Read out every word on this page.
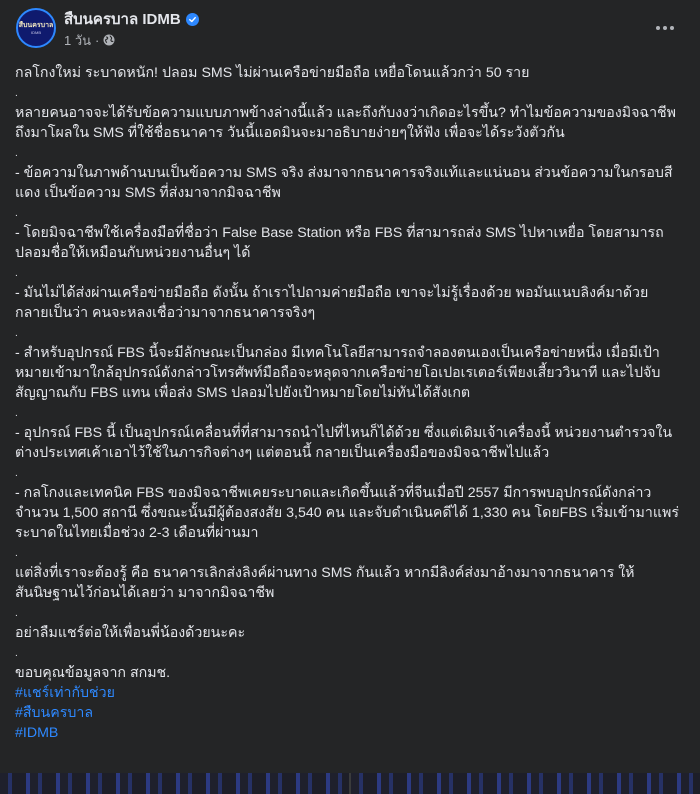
สืบนครบาล
IDMB
สืบนครบาล IDMB
1 วัน ·
กลโกงใหม่ ระบาดหนัก! ปลอม SMS ไม่ผ่านเครือข่ายมือถือ เหยื่อโดนแล้วกว่า 50 ราย
.
หลายคนอาจจะได้รับข้อความแบบภาพข้างล่างนี้แล้ว และถึงกับงงว่าเกิดอะไรขึ้น? ทำไมข้อความของมิจฉาชีพถึงมาโผลใน SMS ที่ใช้ชื่อธนาคาร วันนี้แอดมินจะมาอธิบายง่ายๆให้ฟัง เพื่อจะได้ระวังตัวกัน
.
- ข้อความในภาพด้านบนเป็นข้อความ SMS จริง ส่งมาจากธนาคารจริงแท้และแน่นอน ส่วนข้อความในกรอบสีแดง เป็นข้อความ SMS ที่ส่งมาจากมิจฉาชีพ
.
- โดยมิจฉาชีพใช้เครื่องมือที่ชื่อว่า False Base Station หรือ FBS ที่สามารถส่ง SMS ไปหาเหยื่อ โดยสามารถปลอมชื่อให้เหมือนกับหน่วยงานอื่นๆ ได้
.
- มันไม่ได้ส่งผ่านเครือข่ายมือถือ ดังนั้น ถ้าเราไปถามค่ายมือถือ เขาจะไม่รู้เรื่องด้วย พอมันแนบลิงค์มาด้วย กลายเป็นว่า คนจะหลงเชื่อว่ามาจากธนาคารจริงๆ
.
- สำหรับอุปกรณ์ FBS นี้จะมีลักษณะเป็นกล่อง มีเทคโนโลยีสามารถจำลองตนเองเป็นเครือข่ายหนึ่ง เมื่อมีเป้าหมายเข้ามาใกล้อุปกรณ์ดังกล่าวโทรศัพท์มือถือจะหลุดจากเครือข่ายโอเปอเรเตอร์เพียงเสี้ยววินาที และไปจับสัญญาณกับ FBS แทน เพื่อส่ง SMS ปลอมไปยังเป้าหมายโดยไม่ทันได้สังเกต
.
- อุปกรณ์ FBS นี้ เป็นอุปกรณ์เคลื่อนที่ที่สามารถนำไปที่ไหนก็ได้ด้วย ซึ่งแต่เดิมเจ้าเครื่องนี้ หน่วยงานตำรวจในต่างประเทศเค้าเอาไว้ใช้ในภารกิจต่างๆ แต่ตอนนี้ กลายเป็นเครื่องมือของมิจฉาชีพไปแล้ว
.
- กลโกงและเทคนิค FBS ของมิจฉาชีพเคยระบาดและเกิดขึ้นแล้วที่จีนเมื่อปี 2557 มีการพบอุปกรณ์ดังกล่าวจำนวน 1,500 สถานี ซึ่งขณะนั้นมีผู้ต้องสงสัย 3,540 คน และจับดำเนินคดีได้ 1,330 คน โดยFBS เริ่มเข้ามาแพร่ระบาดในไทยเมื่อช่วง 2-3 เดือนที่ผ่านมา
.
แต่สิ่งที่เราจะต้องรู้ คือ ธนาคารเลิกส่งลิงค์ผ่านทาง SMS กันแล้ว หากมีลิงค์ส่งมาอ้างมาจากธนาคาร ให้สันนิษฐานไว้ก่อนได้เลยว่า มาจากมิจฉาชีพ
.
อย่าลืมแชร์ต่อให้เพื่อนพี่น้องด้วยนะคะ
.
ขอบคุณข้อมูลจาก สกมช.
#แชร์เท่ากับช่วย
#สืบนครบาล
#IDMB
